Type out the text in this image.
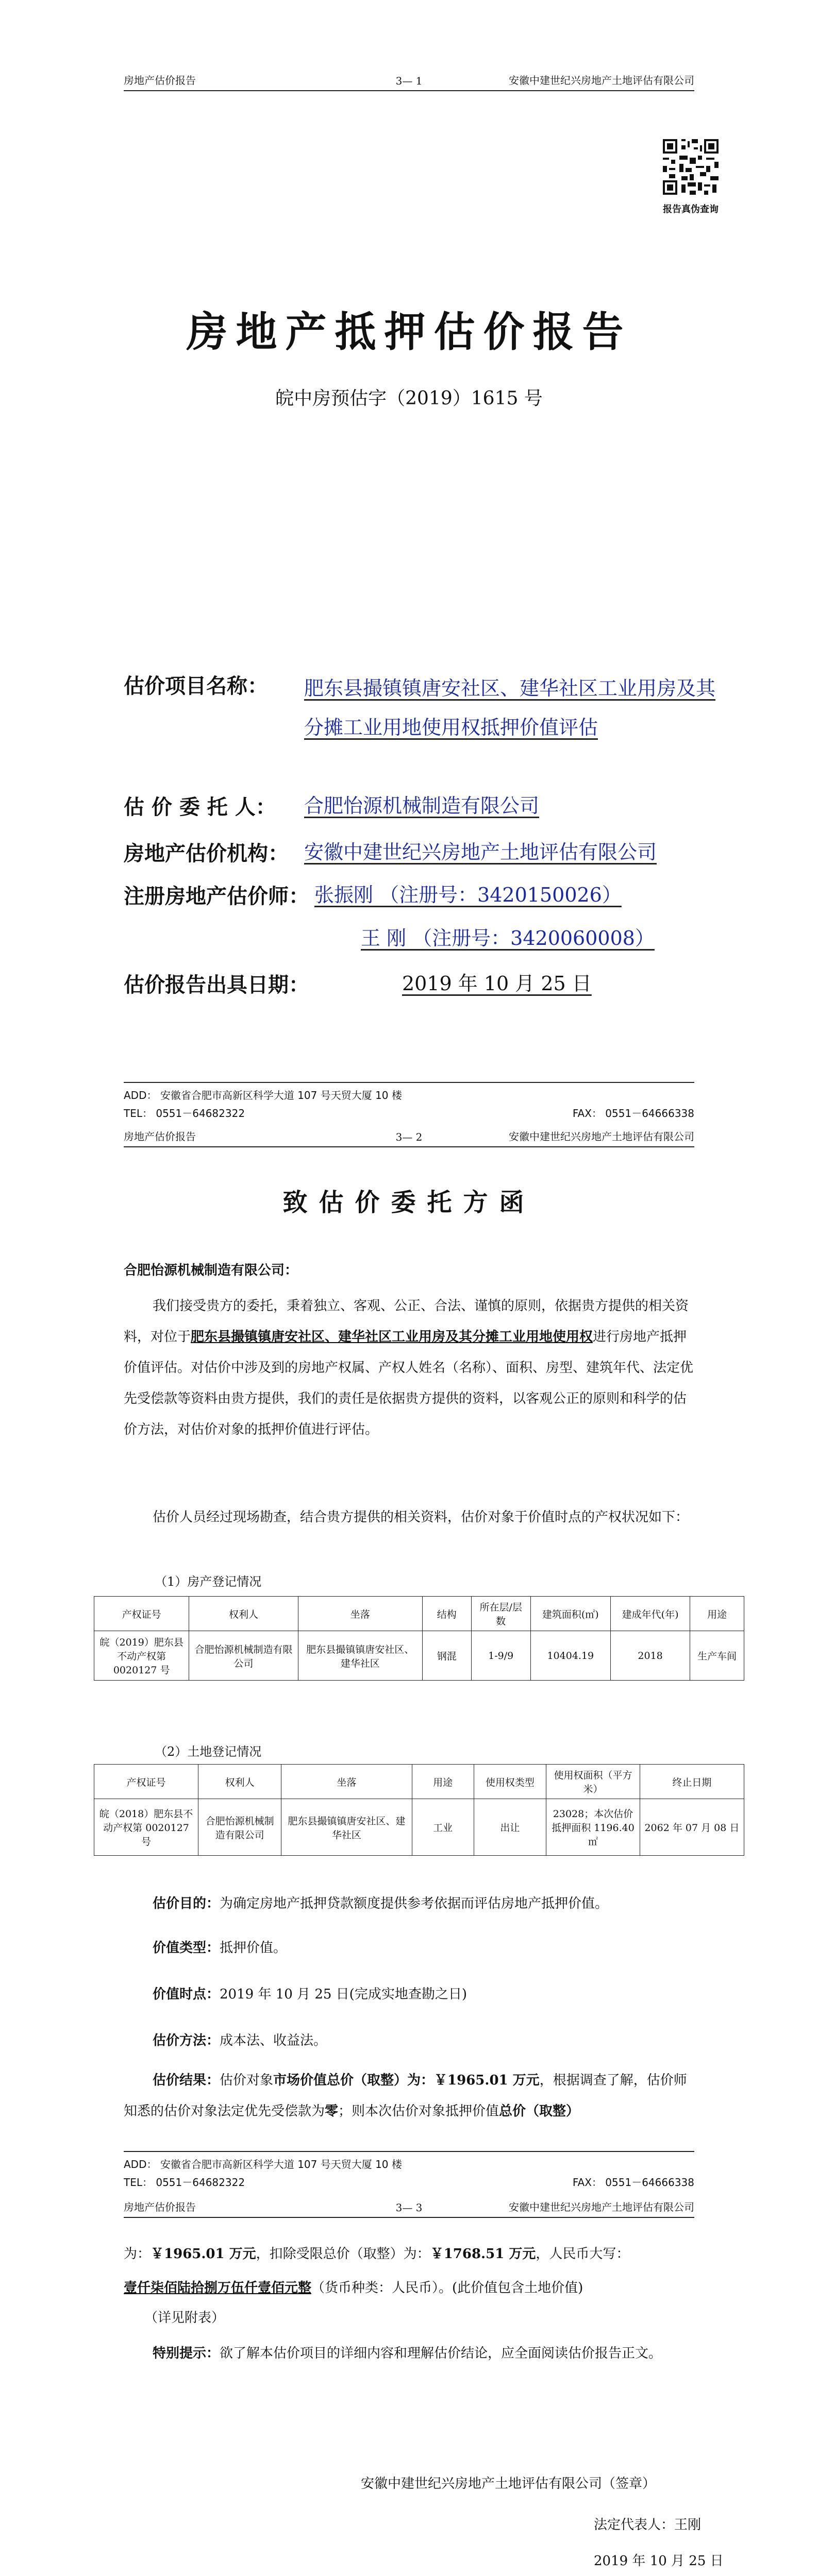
房地产估价报告	3— 1	安徽中建世纪兴房地产土地评估有限公司
报告真伪查询
房地产抵押估价报告
皖中房预估字（2019）1615 号
估价项目名称： 肥东县撮镇镇唐安社区、建华社区工业用房及其分摊工业用地使用权抵押价值评估
估 价 委 托 人： 合肥怡源机械制造有限公司
房地产估价机构： 安徽中建世纪兴房地产土地评估有限公司
注册房地产估价师： 张振刚 （注册号：3420150026）
王 刚 （注册号：3420060008）
估价报告出具日期：	2019 年 10 月 25 日
ADD： 安徽省合肥市高新区科学大道 107 号天贸大厦 10 楼
TEL： 0551－64682322	FAX： 0551－64666338
房地产估价报告	3— 2	安徽中建世纪兴房地产土地评估有限公司
致估价委托方函
合肥怡源机械制造有限公司：
我们接受贵方的委托，秉着独立、客观、公正、合法、谨慎的原则，依据贵方提供的相关资料，对位于肥东县撮镇镇唐安社区、建华社区工业用房及其分摊工业用地使用权进行房地产抵押价值评估。对估价中涉及到的房地产权属、产权人姓名（名称）、面积、房型、建筑年代、法定优先受偿款等资料由贵方提供，我们的责任是依据贵方提供的资料，以客观公正的原则和科学的估价方法，对估价对象的抵押价值进行评估。
估价人员经过现场勘查，结合贵方提供的相关资料，估价对象于价值时点的产权状况如下：
（1）房产登记情况
产权证号	权利人	坐落	结构	所在层/层数	建筑面积(㎡)	建成年代(年)	用途
皖（2019）肥东县不动产权第 0020127 号	合肥怡源机械制造有限公司	肥东县撮镇镇唐安社区、建华社区	钢混	1-9/9	10404.19	2018	生产车间
（2）土地登记情况
产权证号	权利人	坐落	用途	使用权类型	使用权面积（平方米）	终止日期
皖（2018）肥东县不动产权第 0020127 号	合肥怡源机械制造有限公司	肥东县撮镇镇唐安社区、建华社区	工业	出让	23028；本次估价抵押面积 1196.40 ㎡	2062 年 07 月 08 日
估价目的：为确定房地产抵押贷款额度提供参考依据而评估房地产抵押价值。
价值类型：抵押价值。
价值时点：2019 年 10 月 25 日(完成实地查勘之日)
估价方法：成本法、收益法。
估价结果：估价对象市场价值总价（取整）为：￥1965.01 万元，根据调查了解，估价师知悉的估价对象法定优先受偿款为零；则本次估价对象抵押价值总价（取整）
ADD： 安徽省合肥市高新区科学大道 107 号天贸大厦 10 楼
TEL： 0551－64682322	FAX： 0551－64666338
房地产估价报告	3— 3	安徽中建世纪兴房地产土地评估有限公司
为：￥1965.01 万元，扣除受限总价（取整）为：￥1768.51 万元，人民币大写：
壹仟柒佰陆拾捌万伍仟壹佰元整（货币种类：人民币）。(此价值包含土地价值)
（详见附表）
特别提示：欲了解本估价项目的详细内容和理解估价结论，应全面阅读估价报告正文。
安徽中建世纪兴房地产土地评估有限公司（签章）
法定代表人：王刚
2019 年 10 月 25 日
